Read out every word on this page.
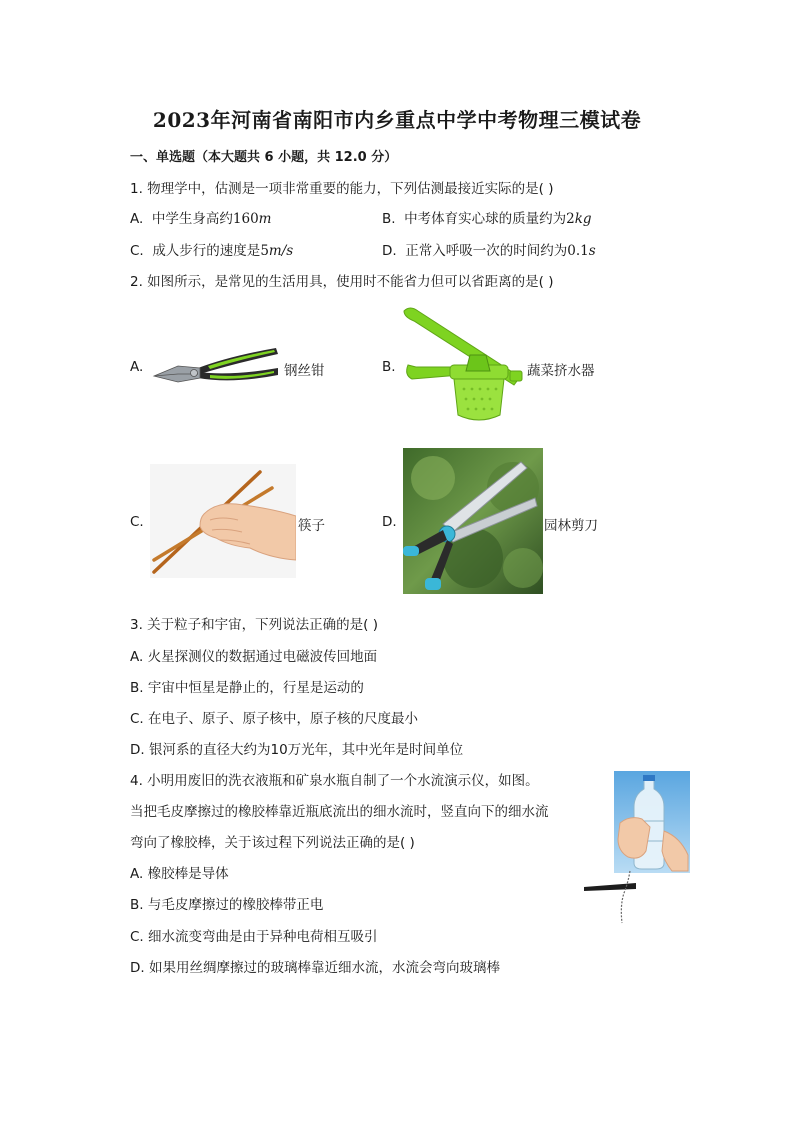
2023年河南省南阳市内乡重点中学中考物理三模试卷
一、单选题（本大题共 6 小题，共 12.0 分）
1. 物理学中，估测是一项非常重要的能力，下列估测最接近实际的是( )
A. 中学生身高约160m	B. 中考体育实心球的质量约为2kg
C. 成人步行的速度是5m/s	D. 正常入呼吸一次的时间约为0.1s
2. 如图所示，是常见的生活用具，使用时不能省力但可以省距离的是( )
A.	钢丝钳	B.	蔬菜挤水器
C.	筷子	D.	园林剪刀
3. 关于粒子和宇宙，下列说法正确的是( )
A. 火星探测仪的数据通过电磁波传回地面
B. 宇宙中恒星是静止的，行星是运动的
C. 在电子、原子、原子核中，原子核的尺度最小
D. 银河系的直径大约为10万光年，其中光年是时间单位
4. 小明用废旧的洗衣液瓶和矿泉水瓶自制了一个水流演示仪，如图。
当把毛皮摩擦过的橡胶棒靠近瓶底流出的细水流时，竖直向下的细水流
弯向了橡胶棒，关于该过程下列说法正确的是( )
A. 橡胶棒是导体
B. 与毛皮摩擦过的橡胶棒带正电
C. 细水流变弯曲是由于异种电荷相互吸引
D. 如果用丝绸摩擦过的玻璃棒靠近细水流，水流会弯向玻璃棒
